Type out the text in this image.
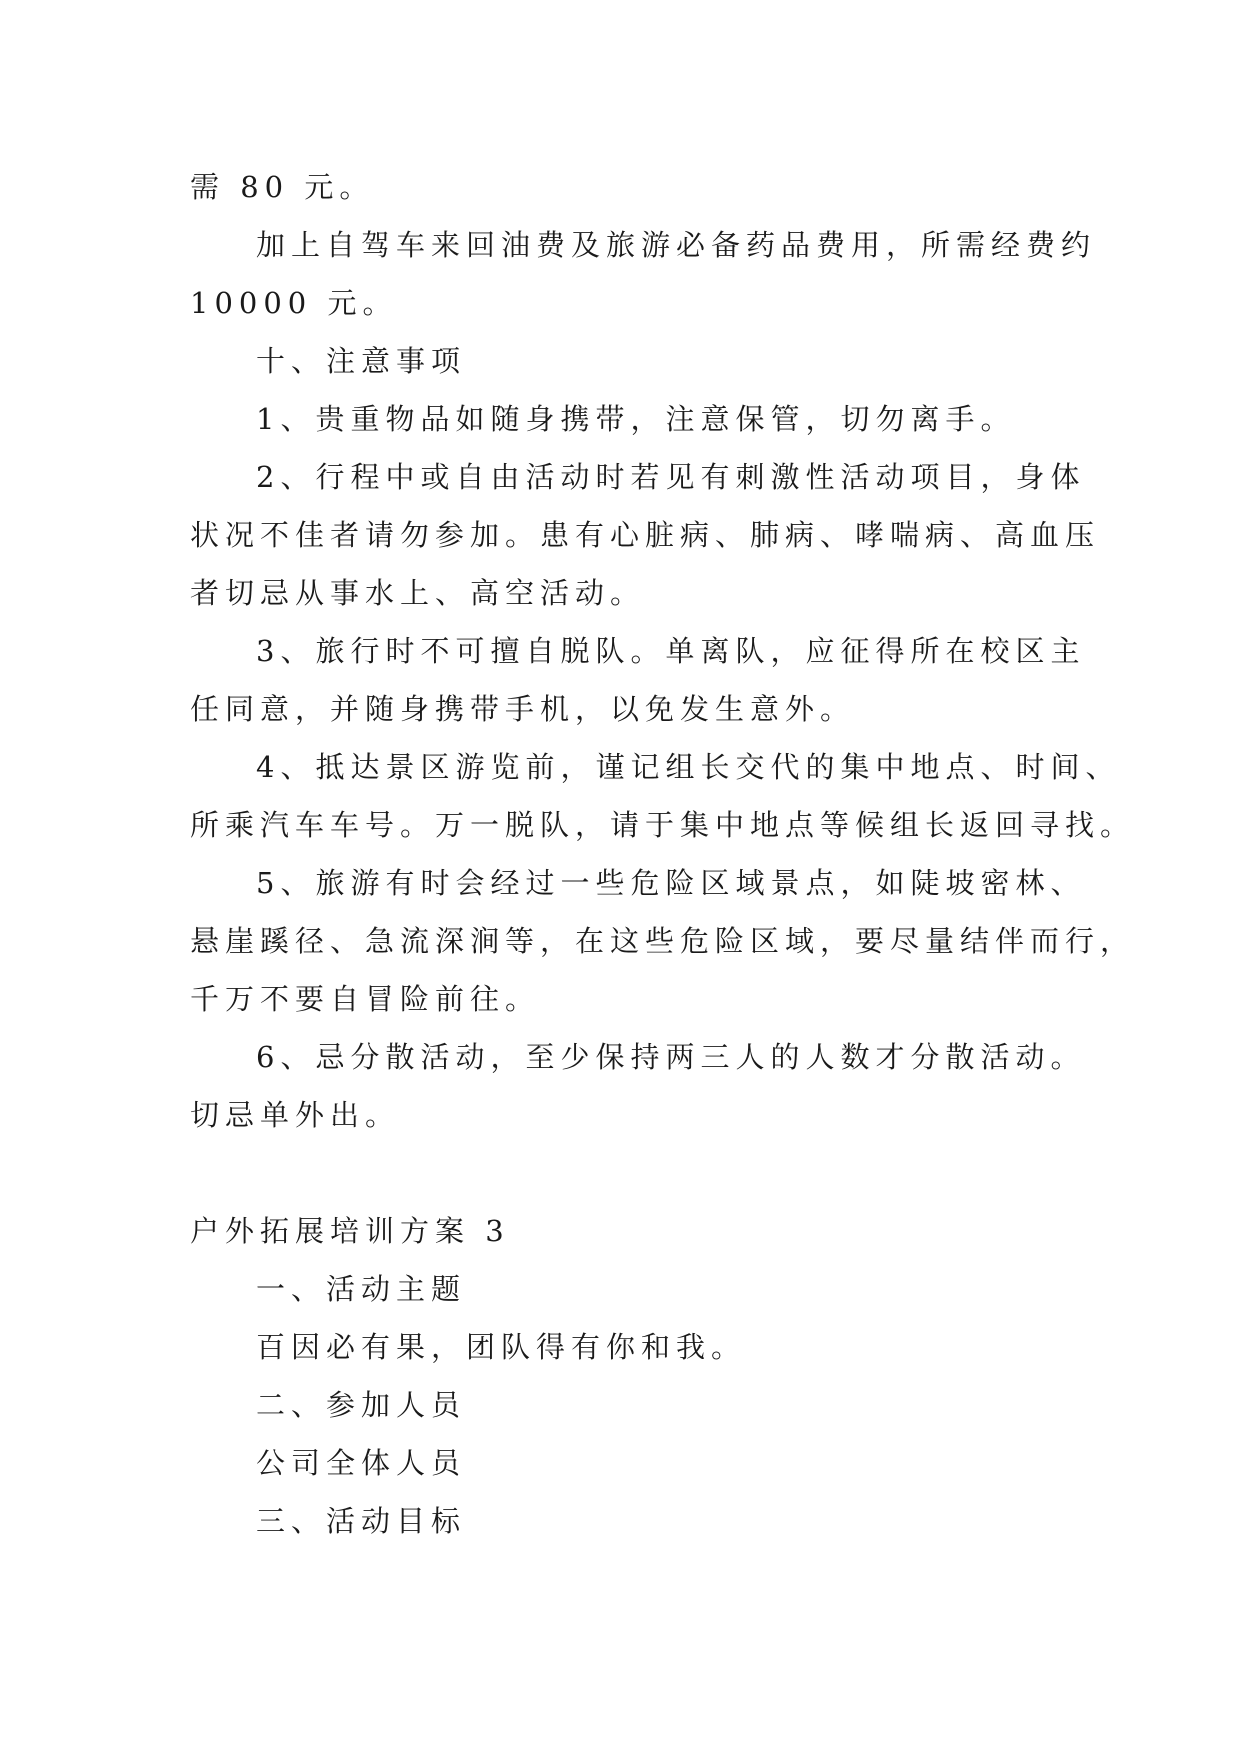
需 80 元。
加上自驾车来回油费及旅游必备药品费用，所需经费约
10000 元。
十、注意事项
1、贵重物品如随身携带，注意保管，切勿离手。
2、行程中或自由活动时若见有刺激性活动项目，身体
状况不佳者请勿参加。患有心脏病、肺病、哮喘病、高血压
者切忌从事水上、高空活动。
3、旅行时不可擅自脱队。单离队，应征得所在校区主
任同意，并随身携带手机，以免发生意外。
4、抵达景区游览前，谨记组长交代的集中地点、时间、
所乘汽车车号。万一脱队，请于集中地点等候组长返回寻找。
5、旅游有时会经过一些危险区域景点，如陡坡密林、
悬崖蹊径、急流深涧等，在这些危险区域，要尽量结伴而行，
千万不要自冒险前往。
6、忌分散活动，至少保持两三人的人数才分散活动。
切忌单外出。
户外拓展培训方案 3
一、活动主题
百因必有果，团队得有你和我。
二、参加人员
公司全体人员
三、活动目标
